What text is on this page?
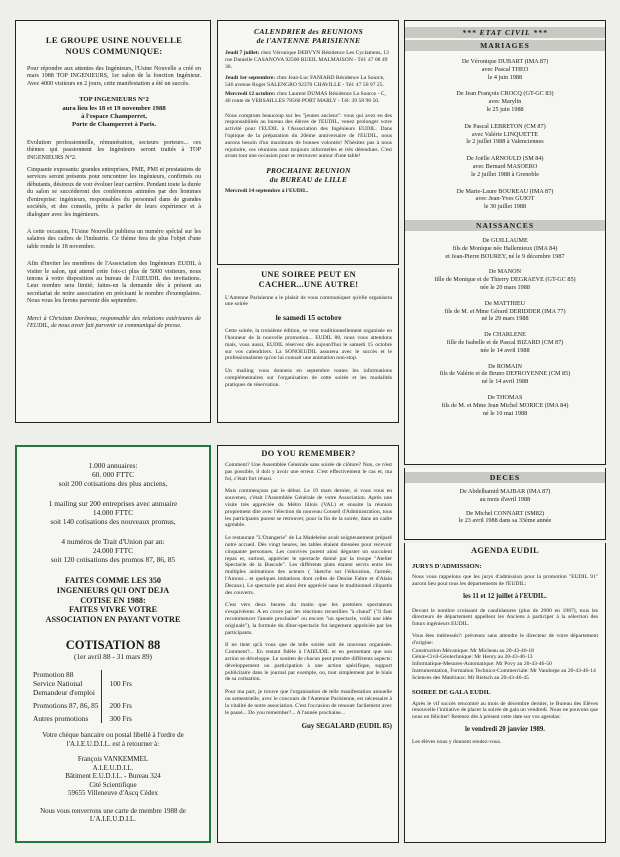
LE GROUPE USINE NOUVELLE
NOUS COMMUNIQUE:

Pour répondre aux attentes des Ingénieurs, l'Usine Nouvelle a créé en mars 1988 TOP INGENIEURS, 1er salon de la fonction Ingénieur. Avec 4000 visiteurs en 2 jours, cette manifestation a été un succès.

TOP INGENIEURS N°2
aura lieu les 18 et 19 novembre 1988
à l'espace Champerret,
Porte de Champerret à Paris.

Evolution professionnelle, rémunération, secteurs porteurs... ces thèmes qui passionnent les ingénieurs seront traités à TOP INGENIEURS N°2.

Cinquante exposants: grandes entreprises, PME, PMI et prestataires de services seront présents pour rencontrer les ingénieurs, confirmés ou débutants, désireux de voir évoluer leur carrière. Pendant toute la durée du salon se succèderont des conférences animées par des hommes d'entreprise: ingénieurs, responsables du personnel dans de grandes sociétés, et des conseils, prêts à parler de leurs expérience et à dialoguer avec les ingénieurs.

A cette occasion, l'Usine Nouvelle publiera un numéro spécial sur les salaires des cadres de l'industrie. Ce thème fera de plus l'objet d'une table ronde le 18 novembre.

Afin d'inviter les membres de l'Association des Ingénieurs EUDIL à visiter le salon, qui attend cette fois-ci plus de 5000 visiteurs, nous tenons à votre disposition au bureau de l'AIEUDIL des invitations. Leur nombre sera limité; faites-en la demande dès à présent au secrétariat de notre association en précisant le nombre d'exemplaires. Nous vous les ferons parvenir dès septembre.

Merci à Christian Dorémus, responsable des relations extérieures de l'EUDIL, de nous avoir fait parvenir ce communiqué de presse.

CALENDRIER des REUNIONS
de l'ANTENNE PARISIENNE

Jeudi 7 juillet: chez Véronique DERVYN Résidence Les Cyclamens, 13 rue Danielle CASANOVA 92500 RUEIL MALMAISON - Tél: 47 08 49 36.

Jeudi 1er septembre: chez Jean-Luc FANIARD Résidence La Source, 546 avenue Roger SALENGRO 92370 CHAVILLE - Tél: 47 50 97 25.

Mercredi 12 octobre: chez Laurent DUMAS Résidence La Source - C, 46 route de VERSAILLES 78560 PORT MARLY - Tél: 39 58 98 50.

Nous comptons beaucoup sur les "jeunes anciens": vous qui avez eu des responsabilités au bureau des élèves de l'EUDIL, venez prolonger votre activité pour l'EUDIL à l'Association des Ingénieurs EUDIL. Dans l'optique de la préparation du 20ème anniversaire de l'EUDIL, nous aurons besoin d'un maximum de bonnes volontés! N'hésitez pas à nous rejoindre, ces réunions sont toujours informelles et très détendues. C'est avant tout une occasion pour se retrouver autour d'une table!

PROCHAINE REUNION
du BUREAU de LILLE

Mercredi 14 septembre à l'EUDIL.

UNE SOIREE PEUT EN
CACHER...UNE AUTRE!

L'Antenne Parisienne a le plaisir de vous communiquer qu'elle organisera une soirée

le samedi 15 octobre

Cette soirée, la troisième édition, se veut traditionnellement organisée en l'honneur de la nouvelle promotion... EUDIL 88, nous vous attendons mais, vous aussi, EUDIL réservez dès aujourd'hui le samedi 15 octobre sur vos calendriers. La SONOEUDIL assurera avec le succès et le professionalisme qu'on lui connait une animation non-stop.

Un mailing vous donnera en septembre toutes les informations complémentaires sur l'organisation de cette soirée et les modalités pratiques de réservation.

*** ETAT CIVIL ***
MARIAGES
De Véronique DUBART (IMA 87)
avec Pascal THEO
le 4 juin 1988
De Jean François CROCQ (GT-GC 83)
avec Marylin
le 25 juin 1988
De Pascal LEBRETON (CM 87)
avec Valérie LINQUETTE
le 2 juillet 1988 à Valenciennes
De Joëlle ARNOULD (SM 84)
avec Bernard MASOERO
le 2 juillet 1988 à Grenoble
De Marie-Laure BOUREAU (IMA 87)
avec Jean-Yves GUIOT
le 30 juillet 1988
NAISSANCES
De GUILLAUME
fils de Monique née Hallemieux (IMA 84)
et Jean-Pierre BOUREY, né le 9 décembre 1987
De MANON
fille de Monique et de Thierry DEGRAEVE (GT-GC 85)
née le 20 mars 1988
De MATTHIEU
fils de M. et Mme Gérard DERIDDER (IMA 77)
né le 29 mars 1988
De CHARLENE
fille de Isabelle et de Pascal BIZARD (CM 87)
née le 14 avril 1988
De ROMAIN
fils de Valérie et de Bruno DEFROYENNE (CM 85)
né le 14 avril 1988
De THOMAS
fils de M. et Mme Jean Michel MORICE (IMA 84)
né le 10 mai 1988
DECES
De Abdelhamid MAJBAR (IMA 87)
au mois d'avril 1988
De Michel CONNART (SM82)
le 23 avril 1988 dans sa 33ème année
AGENDA EUDIL
JURYS D'ADMISSION:

Nous vous rappelons que les jurys d'admission pour la promotion "EUDIL 91" auront lieu pour tous les départements de l'EUDIL:

les 11 et 12 juillet à l'EUDIL.

Devant le nombre croissant de candidatures (plus de 2000 en 1987), tous les directeurs de département appellent les Anciens à participer à la sélection des futurs ingénieurs EUDIL.

Vous êtes intéressés?: prévenez sans attendre le directeur de votre département d'origine:

Construction Mécanique: Mr Micheau au 20-43-46-18
Génie-Civil-Géotechnique: Mr Henry au 20-43-46-13
Informatique-Mesures-Automatique: Mr Povy au 20-43-46-50
Instrumentation, Formation Technico-Commerciale: Mr Vandorpe au 20-43-46-14
Sciences des Matériaux: Mr Rietsch au 20-43-46-45
SOIREE DE GALA EUDIL

Après le vif succès rencontré au mois de décembre dernier, le Bureau des Elèves renouvelle l'initiative de placer la soirée de gala un vendredi. Nous ne pouvons que nous en féliciter! Retenez dès à présent cette date sur vos agendas:

le vendredi 20 janvier 1989.

Les élèves nous y donnent rendez-vous.

1.000 annuaires:
60. 000 FTTC
soit 200 cotisations des plus anciens,
1 mailing sur 200 entreprises avec annuaire
14.000 FTTC
soit 140 cotisations des nouveaux promus,
4 numéros de Trait d'Union par an:
24.000 FTTC
soit 120 cotisations des promos 87, 86, 85
FAITES COMME LES 350
INGENIEURS QUI ONT DEJA
COTISE EN 1988:
FAITES VIVRE VOTRE
ASSOCIATION EN PAYANT VOTRE
COTISATION 88
(1er avril 88 - 31 mars 89)
Promotion 88
Service National
Demandeur d'emploi	100 Frs

Promotions 87, 86, 85	200 Frs

Autres promotions	300 Frs
Votre chèque bancaire ou postal libellé à l'ordre de l'A.I.E.U.D.I.L. est à retourner à:
François VANKEMMEL
A.I.E.U.D.I.L.
Bâtiment E.U.D.I.L. - Bureau 324
Cité Scientifique
59655 Villeneuve d'Ascq Cédex
Nous vous renverrons une carte de membre 1988 de L'A.I.E.U.D.I.L.
DO YOU REMEMBER?

Comment? Une Assemblée Générale sans soirée de clôture? Non, ce n'est pas possible, il doit y avoir une erreur. C'est effectivement le cas et, ma foi, c'était fort réussi.

Mais commençons par le début. Le 19 mars dernier, si vous vous en souvenez, c'était l'Assemblée Générale de votre Association. Après une visite très appréciée du Métro lillois (VAL) et ensuite la réunion proprement dite avec l'élection du nouveau Conseil d'Administration, tous les participants purent se retrouver, pour la fin de la soirée, dans un cadre agréable.

Le restaurant "L'Orangerie" de La Madeleine avait soigneusement préparé notre accueil. Dès vingt heures, les tables étaient dressées pour recevoir cinquante personnes. Les convives purent ainsi déguster un succulent repas et, surtout, apprécier le spectacle donné par la troupe "Atelier Spectacle de la Buscule". Les différents plats étaient servis entre les multiples animations des acteurs ( 'sketchs sur l'éducation, l'armée, l'Amour... et quelques imitations dont celles de Denise Fabre et d'Alain Decaux). Le spectacle put ainsi être apprécié sans le traditionnel cliquetis des couverts.

C'est vers deux heures du matin que les premiers spectateurs s'esquivèrent. A en croire par les réactions recueillies "à chaud" ("il faut recommencer l'année prochaine" ou encore "un spectacle, voilà une idée originale"), la formule du dîner-spectacle fut largement appréciée par les participants.

Il ne tient qu'à vous que de telle soirée soit de nouveau organisée. Comment?... En restant fidèle à l'AIEUDIL et en permettant que son action se développe. Le soutien de chacun peut prendre différents aspects: développement ou participation à une action spécifique, support publicitaire dans le journal par exemple, ou, tout simplement par le biais de sa cotisation.

Pour ma part, je trouve que l'organisation de telle manifestation annuelle ou semestrielle, avec le concours de l'Antenne Parisienne, est nécessaire à la vitalité de notre association. C'est l'occasion de renouer facilement avec le passé... Do you remember?... A l'année prochaine...

Guy SEGALARD (EUDIL 85)
